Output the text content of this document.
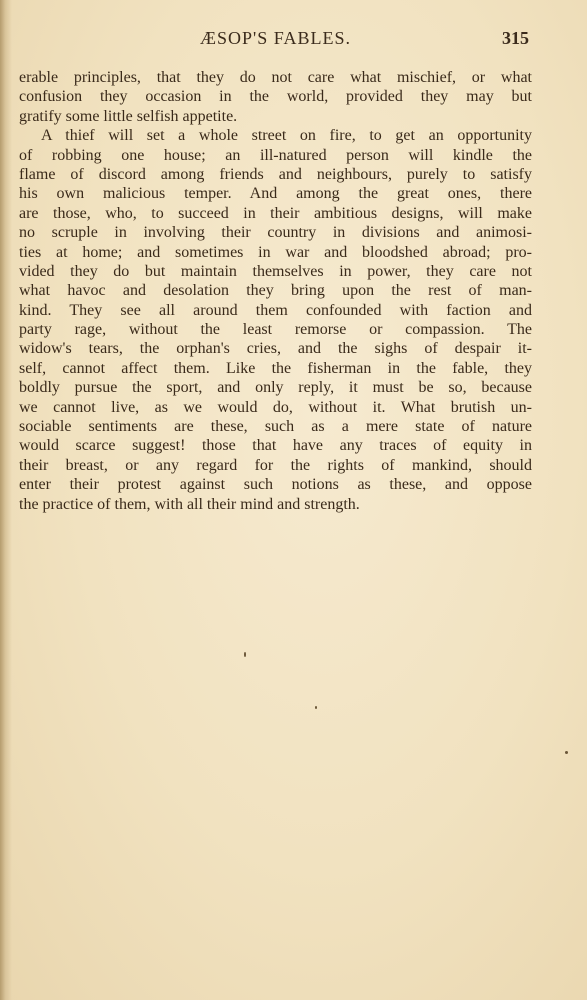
ÆSOP'S FABLES.	315
erable principles, that they do not care what mischief, or what
confusion they occasion in the world, provided they may but
gratify some little selfish appetite.
A thief will set a whole street on fire, to get an opportunity
of robbing one house; an ill-natured person will kindle the
flame of discord among friends and neighbours, purely to satisfy
his own malicious temper. And among the great ones, there
are those, who, to succeed in their ambitious designs, will make
no scruple in involving their country in divisions and animosi-
ties at home; and sometimes in war and bloodshed abroad; pro-
vided they do but maintain themselves in power, they care not
what havoc and desolation they bring upon the rest of man-
kind. They see all around them confounded with faction and
party rage, without the least remorse or compassion. The
widow's tears, the orphan's cries, and the sighs of despair it-
self, cannot affect them. Like the fisherman in the fable, they
boldly pursue the sport, and only reply, it must be so, because
we cannot live, as we would do, without it. What brutish un-
sociable sentiments are these, such as a mere state of nature
would scarce suggest! those that have any traces of equity in
their breast, or any regard for the rights of mankind, should
enter their protest against such notions as these, and oppose
the practice of them, with all their mind and strength.
